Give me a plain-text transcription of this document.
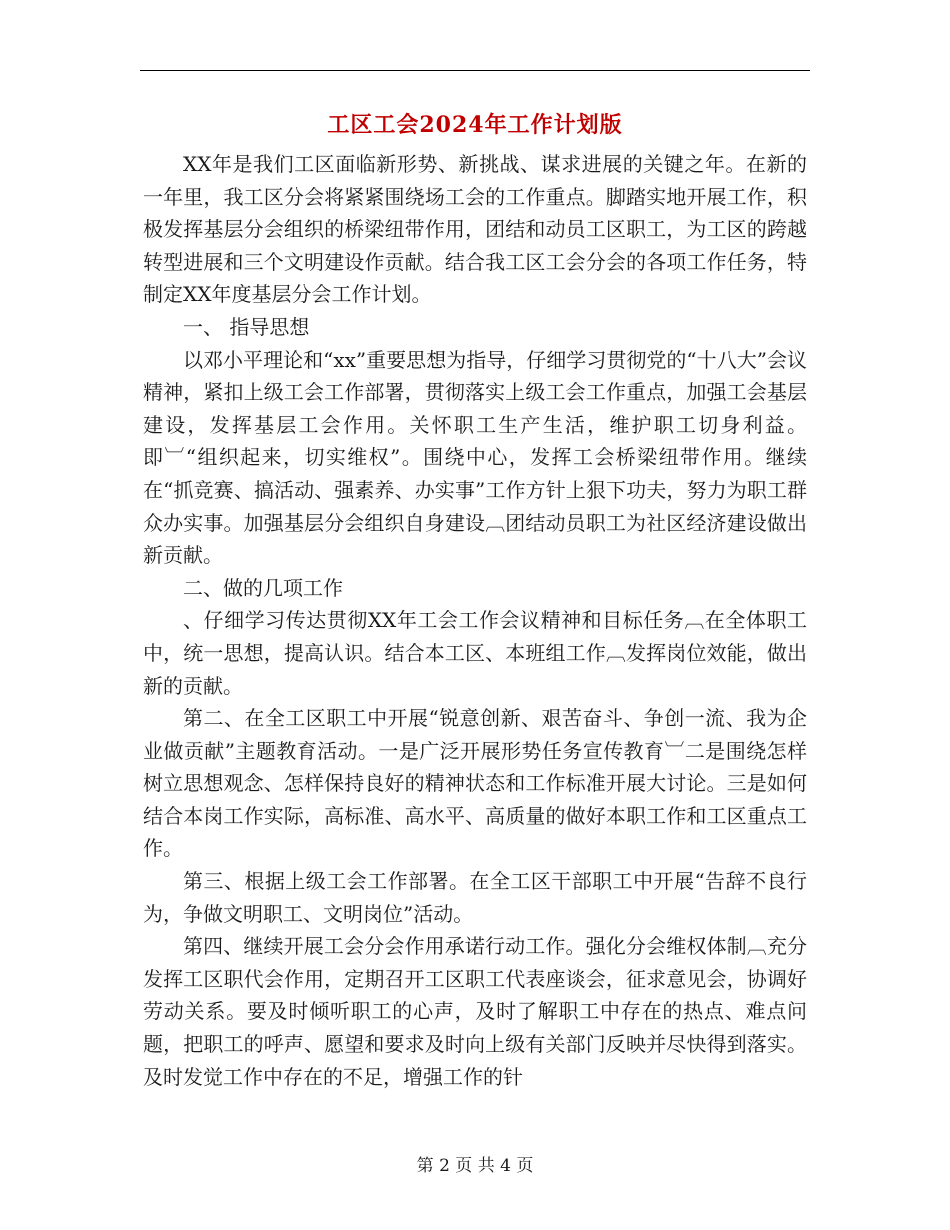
工区工会2024年工作计划版

XX年是我们工区面临新形势、新挑战、谋求进展的关键之年。在新的一年里，我工区分会将紧紧围绕场工会的工作重点。脚踏实地开展工作，积极发挥基层分会组织的桥梁纽带作用，团结和动员工区职工，为工区的跨越转型进展和三个文明建设作贡献。结合我工区工会分会的各项工作任务，特制定XX年度基层分会工作计划。

一、 指导思想

以邓小平理论和“xx”重要思想为指导，仔细学习贯彻党的“十八大”会议精神，紧扣上级工会工作部署，贯彻落实上级工会工作重点，加强工会基层建设，发挥基层工会作用。关怀职工生产生活，维护职工切身利益。即︺“组织起来，切实维权”。围绕中心，发挥工会桥梁纽带作用。继续在“抓竞赛、搞活动、强素养、办实事”工作方针上狠下功夫，努力为职工群众办实事。加强基层分会组织自身建设︹团结动员职工为社区经济建设做出新贡献。

二、做的几项工作

、仔细学习传达贯彻XX年工会工作会议精神和目标任务︹在全体职工中，统一思想，提高认识。结合本工区、本班组工作︹发挥岗位效能，做出新的贡献。

第二、在全工区职工中开展“锐意创新、艰苦奋斗、争创一流、我为企业做贡献”主题教育活动。一是广泛开展形势任务宣传教育︺二是围绕怎样树立思想观念、怎样保持良好的精神状态和工作标准开展大讨论。三是如何结合本岗工作实际，高标准、高水平、高质量的做好本职工作和工区重点工作。

第三、根据上级工会工作部署。在全工区干部职工中开展“告辞不良行为，争做文明职工、文明岗位”活动。

第四、继续开展工会分会作用承诺行动工作。强化分会维权体制︹充分发挥工区职代会作用，定期召开工区职工代表座谈会，征求意见会，协调好劳动关系。要及时倾听职工的心声，及时了解职工中存在的热点、难点问题，把职工的呼声、愿望和要求及时向上级有关部门反映并尽快得到落实。及时发觉工作中存在的不足，增强工作的针

第 2 页 共 4 页
